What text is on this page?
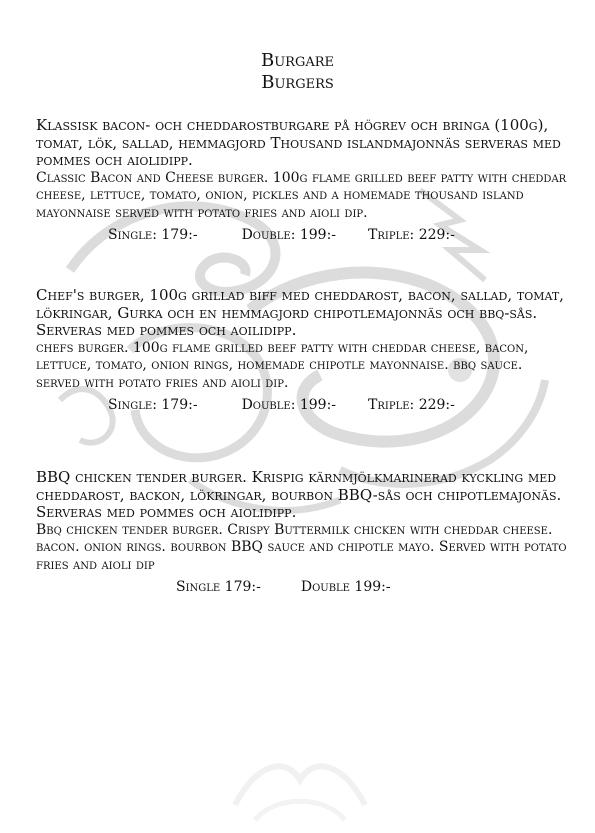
Burgare
Burgers
Klassisk bacon- och cheddarostburgare på högrev och bringa (100g), tomat, lök, sallad, hemmagjord Thousand islandmajonnäs serveras med pommes och aiolidipp.
Classic Bacon and Cheese burger. 100g flame grilled beef patty with cheddar cheese, lettuce, tomato, onion, pickles and a homemade thousand island mayonnaise served with potato fries and aioli dip.
Single: 179:-	Double: 199:- Triple: 229:-
Chef's burger, 100g grillad biff med cheddarost, bacon, sallad, tomat, lökringar, Gurka och en hemmagjord chipotlemajonnäs och bbq-sås. Serveras med pommes och aoilidipp.
chefs burger. 100g flame grilled beef patty with cheddar cheese, bacon, lettuce, tomato, onion rings, homemade chipotle mayonnaise. bbq sauce. served with potato fries and aioli dip.
Single: 179:-	Double: 199:- Triple: 229:-
BBQ chicken tender burger. Krispig kärnmjölkmarinerad kyckling med cheddarost, backon, lökringar, bourbon BBQ-sås och chipotlemajonäs. Serveras med pommes och aiolidipp.
Bbq chicken tender burger. Crispy Buttermilk chicken with cheddar cheese. bacon. onion rings. bourbon BBQ sauce and chipotle mayo. Served with potato fries and aioli dip
Single 179:-	Double 199:-
